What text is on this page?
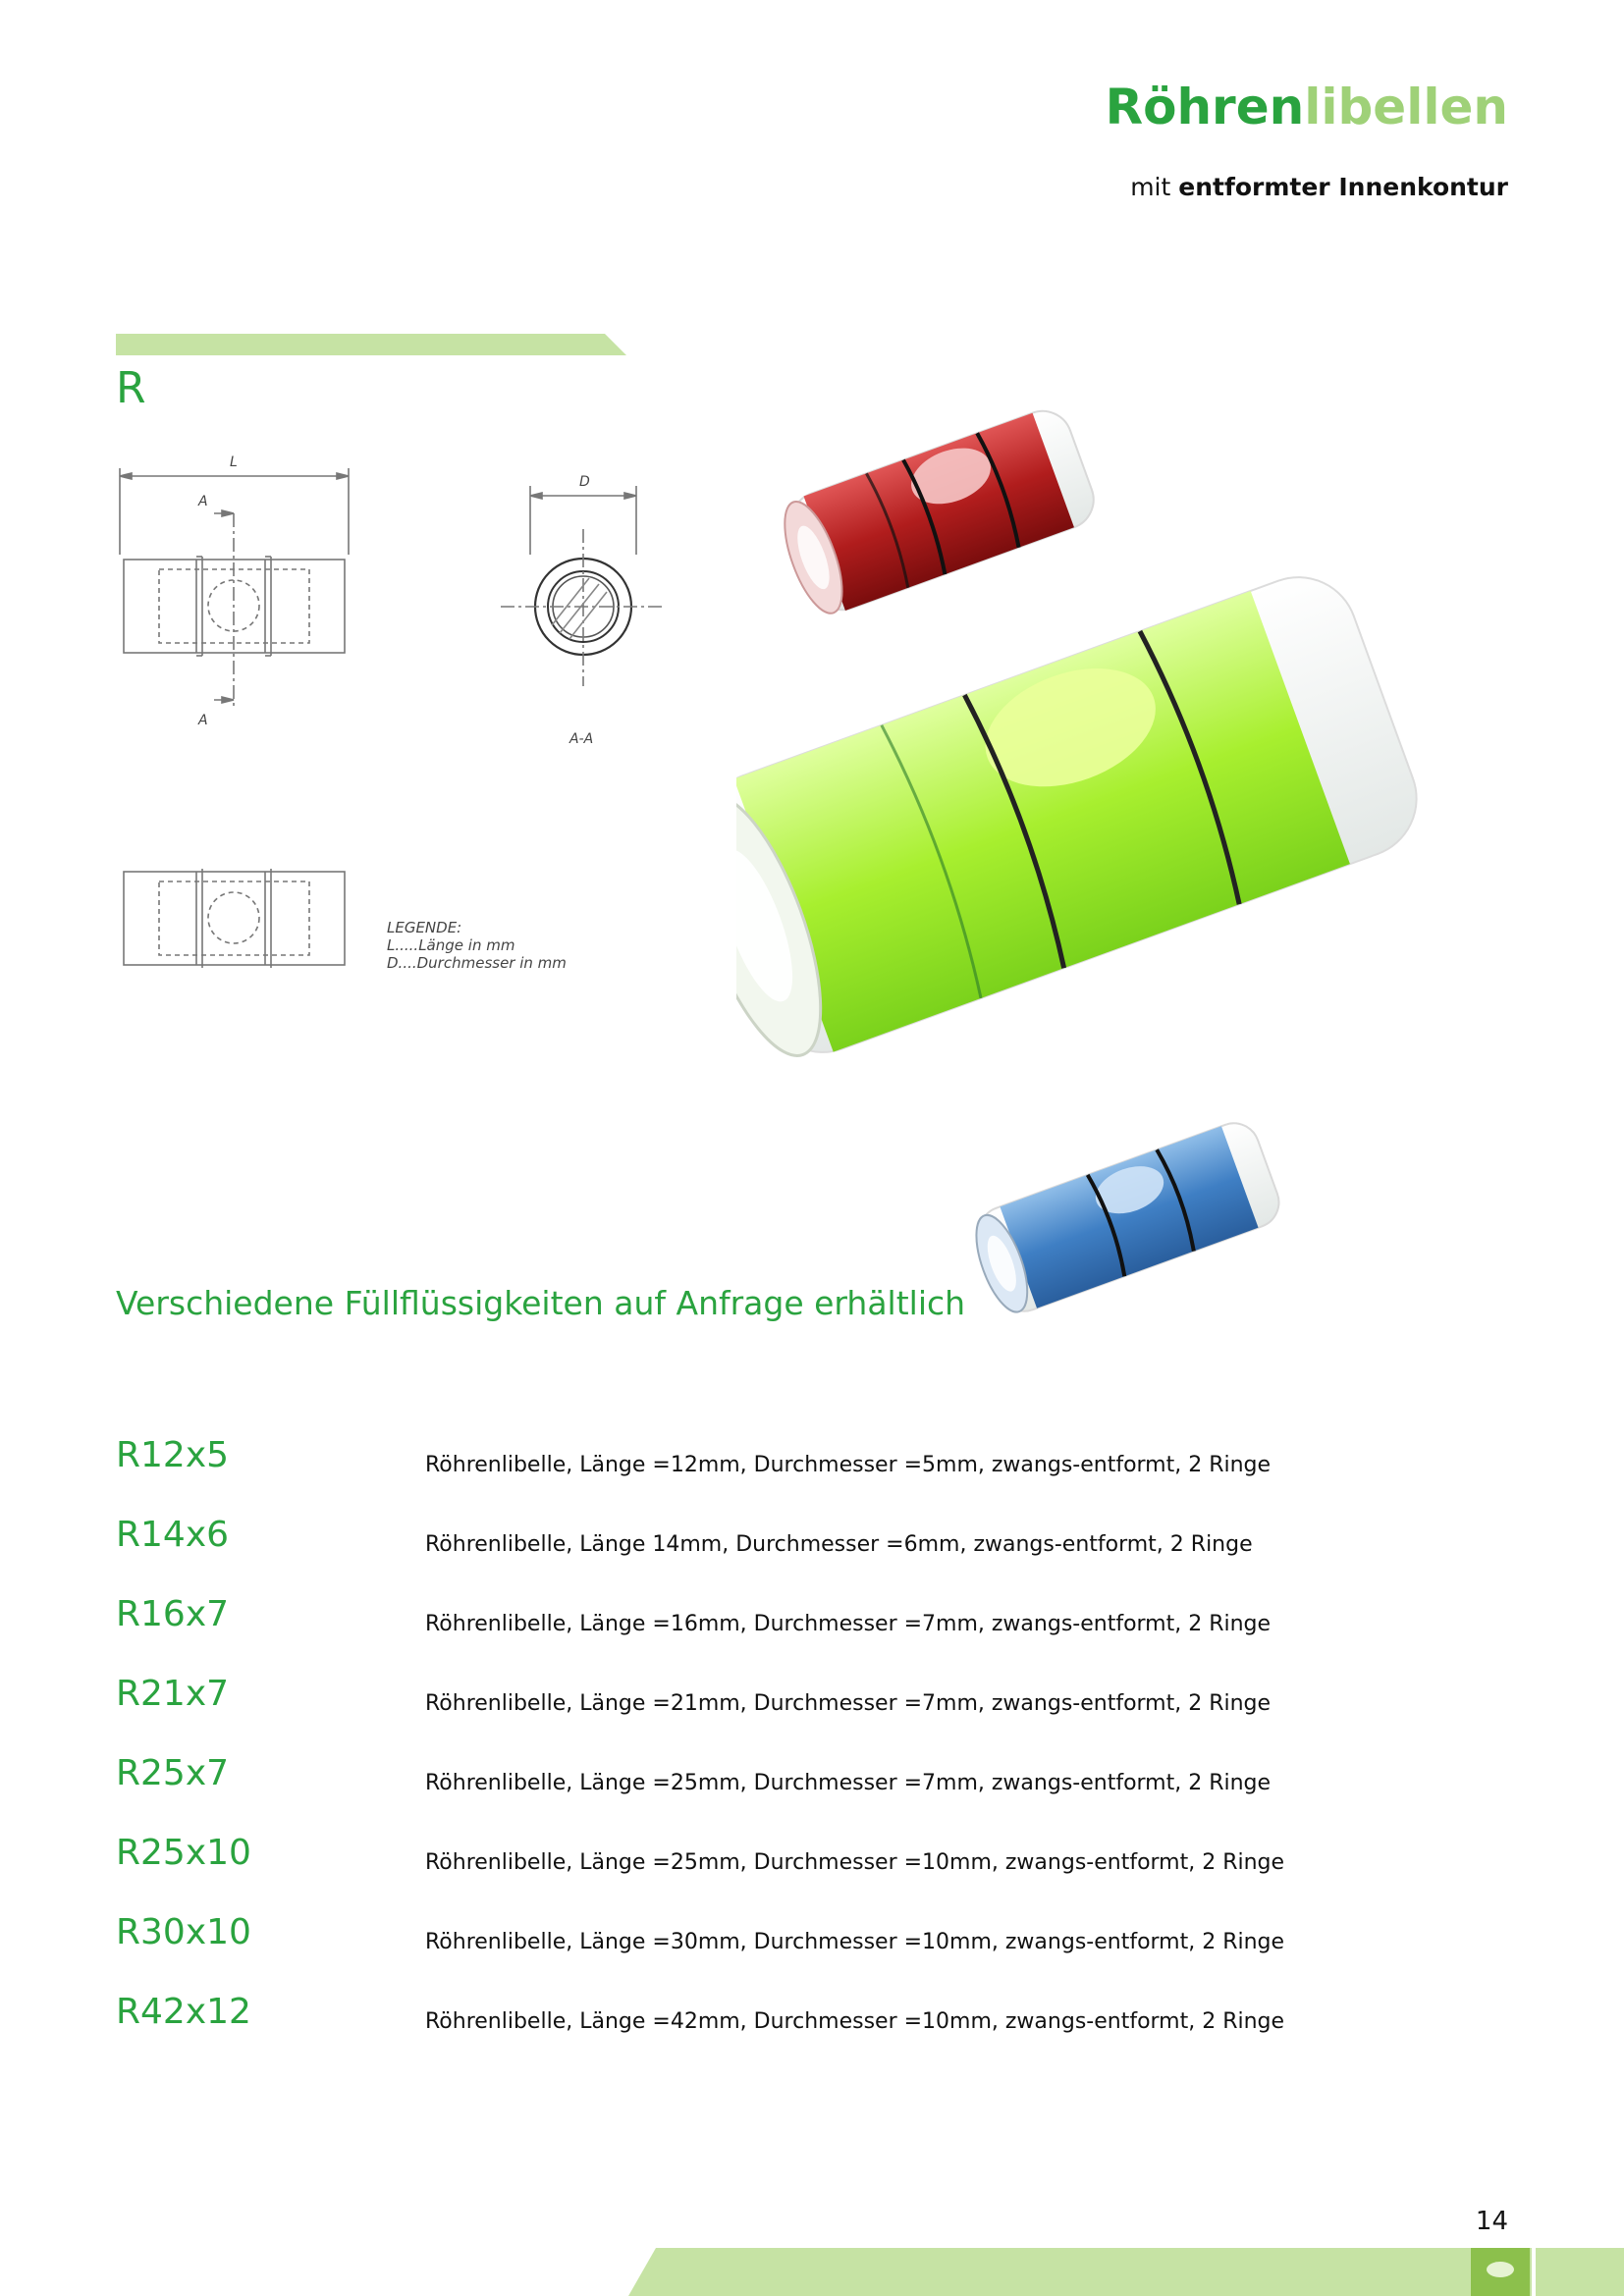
Röhrenlibellen
mit entformter Innenkontur
R
L
D
A
A
A-A
LEGENDE:
L.....Länge in mm
D....Durchmesser in mm
Verschiedene Füllflüssigkeiten auf Anfrage erhältlich
R12x5	Röhrenlibelle, Länge =12mm, Durchmesser =5mm, zwangs-entformt, 2 Ringe
R14x6	Röhrenlibelle, Länge 14mm, Durchmesser =6mm, zwangs-entformt, 2 Ringe
R16x7	Röhrenlibelle, Länge =16mm, Durchmesser =7mm, zwangs-entformt, 2 Ringe
R21x7	Röhrenlibelle, Länge =21mm, Durchmesser =7mm, zwangs-entformt, 2 Ringe
R25x7	Röhrenlibelle, Länge =25mm, Durchmesser =7mm, zwangs-entformt, 2 Ringe
R25x10	Röhrenlibelle, Länge =25mm, Durchmesser =10mm, zwangs-entformt, 2 Ringe
R30x10	Röhrenlibelle, Länge =30mm, Durchmesser =10mm, zwangs-entformt, 2 Ringe
R42x12	Röhrenlibelle, Länge =42mm, Durchmesser =10mm, zwangs-entformt, 2 Ringe
14
